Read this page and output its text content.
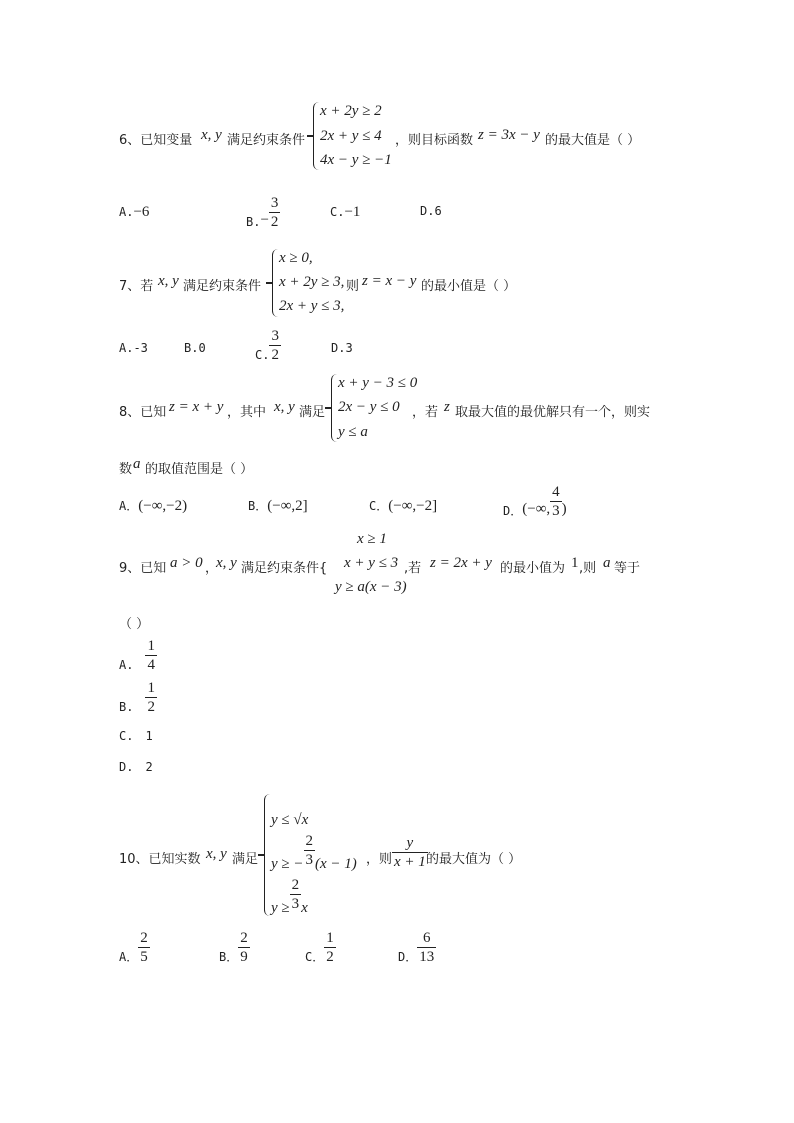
6、已知变量 x, y 满足约束条件
x + 2y ≥ 2
2x + y ≤ 4
4x − y ≥ −1
，则目标函数 z = 3x − y 的最大值是（ ）
A.−6
$B.- \frac{3}{2}$	C.−1	D.6
7、若 x, y 满足约束条件
x ≥ 0,
x + 2y ≥ 3,
2x + y ≤ 3,
则 z = x − y 的最小值是（ ）
A.-3	B.0	C. $\frac{3}{2}$	D.3
8、已知 z = x + y ，其中 x, y 满足
x + y − 3 ≤ 0
2x − y ≤ 0
y ≤ a
，若 z 取最大值的最优解只有一个，则实
数 a 的取值范围是（ ）
A．(−∞,−2)	B．(−∞,2]	C．(−∞,−2]	D．(−∞, $\frac{4}{3}$ )
x ≥ 1
9、已知 a > 0 ，
x, y 满足约束条件{ x + y ≤ 3 ,若 z = 2x + y 的最小值为 1 ,则 a 等于
y ≥ a(x − 3)
（ ）
A. $\frac{1}{4}$
B. $\frac{1}{2}$
C. 1
D. 2
10、已知实数 x, y 满足
y ≤ √x
y ≥ − $\frac{2}{3} (x - 1)$
$y \ge \frac{2}{3}$ x
，则 $\frac{y}{x + 1}$
的最大值为（ ）
A． $\frac{2}{5}$	B． $\frac{2}{9}$	C． $\frac{1}{2}$	D． $\frac{6}{13}$
